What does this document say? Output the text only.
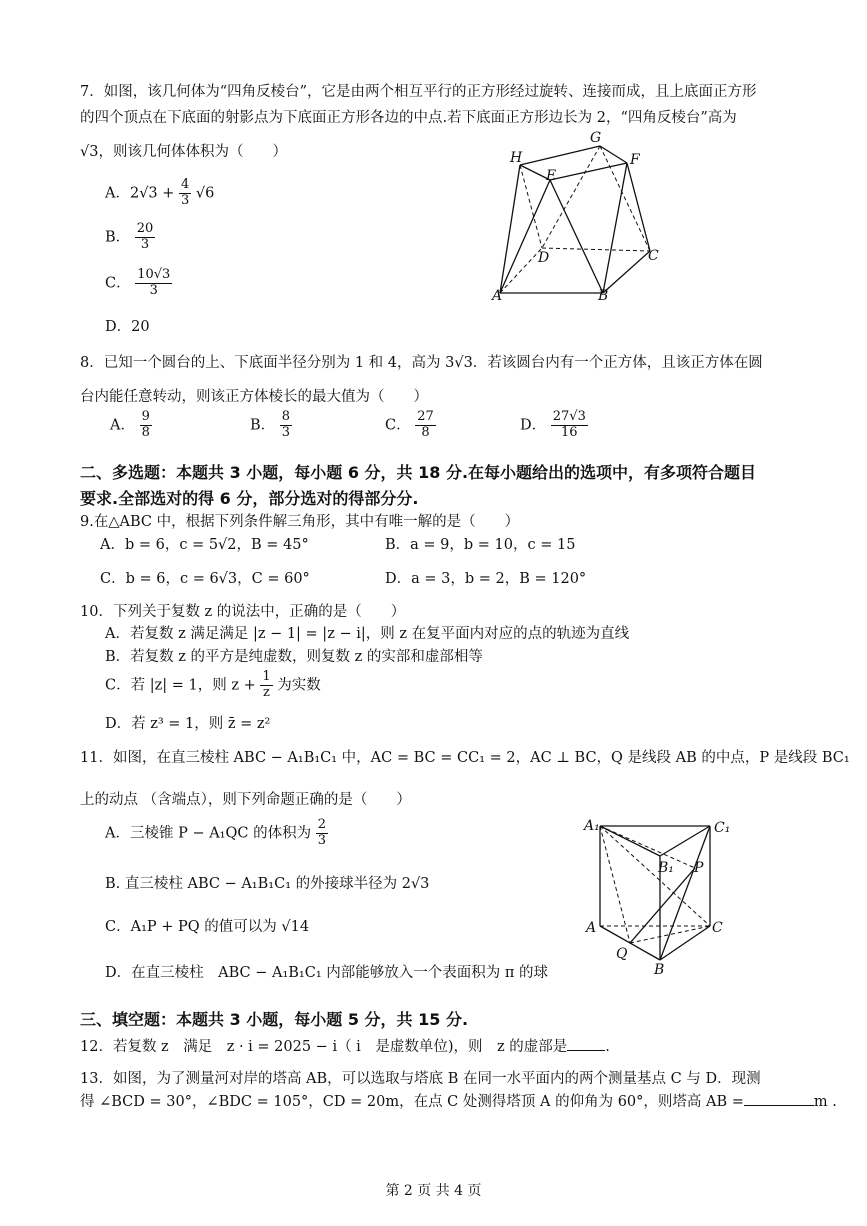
7．如图，该几何体为“四角反棱台”，它是由两个相互平行的正方形经过旋转、连接而成，且上底面正方形
的四个顶点在下底面的射影点为下底面正方形各边的中点.若下底面正方形边长为 2，“四角反棱台”高为
√3，则该几何体体积为（　　）
A．$2√3 + \frac{4}{3} √6$
B． $\frac{20}{3}$
C． $\frac{10√3}{3}$
D．20
H
G
F
E
D	C
A	B
8．已知一个圆台的上、下底面半径分别为 1 和 4，高为 3√3．若该圆台内有一个正方体，且该正方体在圆
台内能任意转动，则该正方体棱长的最大值为（　　）
A． $\frac{9}{8}$	B． $\frac{8}{3}$	C． $\frac{27}{8}$	D． $\frac{27√3}{16}$
二、多选题：本题共 3 小题，每小题 6 分，共 18 分.在每小题给出的选项中，有多项符合题目
要求.全部选对的得 6 分，部分选对的得部分分.
9.在△ABC 中，根据下列条件解三角形，其中有唯一解的是（　　）
A．b = 6，c = 5√2，B = 45°	B．a = 9，b = 10，c = 15
C．b = 6，c = 6√3，C = 60°	D．a = 3，b = 2，B = 120°
10．下列关于复数 z 的说法中，正确的是（　　）
A．若复数 z 满足满足 |z − 1| = |z − i|，则 z 在复平面内对应的点的轨迹为直线
B．若复数 z 的平方是纯虚数，则复数 z 的实部和虚部相等
C．若 |z| = 1，则 $z + \frac{1}{z}$ 为实数
D．若 z³ = 1，则 z̄ = z²
11．如图，在直三棱柱 ABC − A₁B₁C₁ 中，AC = BC = CC₁ = 2，AC ⊥ BC，Q 是线段 AB 的中点，P 是线段 BC₁
上的动点 （含端点），则下列命题正确的是（　　）
A．三棱锥 P − A₁QC 的体积为 $\frac{2}{3}$
B. 直三棱柱 ABC − A₁B₁C₁ 的外接球半径为 2√3
C．A₁P + PQ 的值可以为 √14
D．在直三棱柱　ABC − A₁B₁C₁ 内部能够放入一个表面积为 π 的球
A₁	C₁
B₁ P
A	C
Q
B
三、填空题：本题共 3 小题，每小题 5 分，共 15 分.
12．若复数 z　满足　z · i = 2025 − i（ i　是虚数单位)，则　z 的虚部是	.
13．如图，为了测量河对岸的塔高 AB，可以选取与塔底 B 在同一水平面内的两个测量基点 C 与 D．现测
得 ∠BCD = 30°，∠BDC = 105°，CD = 20m，在点 C 处测得塔顶 A 的仰角为 60°，则塔高 AB =	m .
第 2 页 共 4 页
